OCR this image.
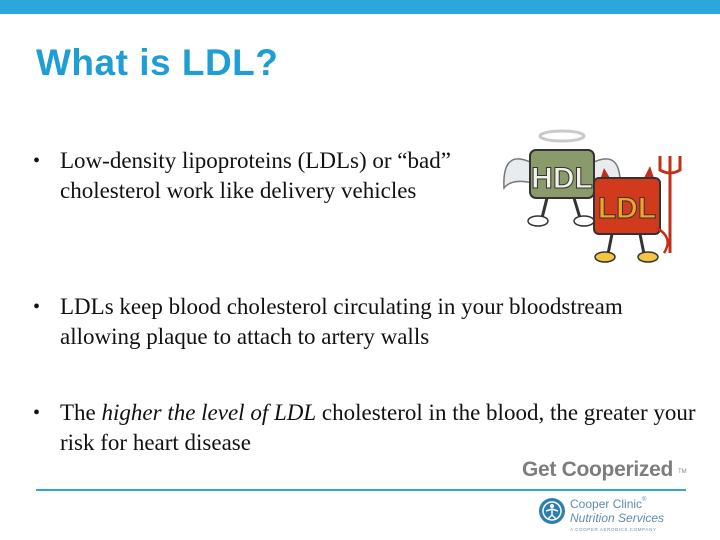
What is LDL?
• Low-density lipoproteins (LDLs) or “bad” cholesterol work like delivery vehicles	HDL
LDL
• LDLs keep blood cholesterol circulating in your bloodstream allowing plaque to attach to artery walls
• The higher the level of LDL cholesterol in the blood, the greater your risk for heart disease
Get Cooperized TM
Cooper Clinic®
Nutrition Services
A COOPER AEROBICS COMPANY
